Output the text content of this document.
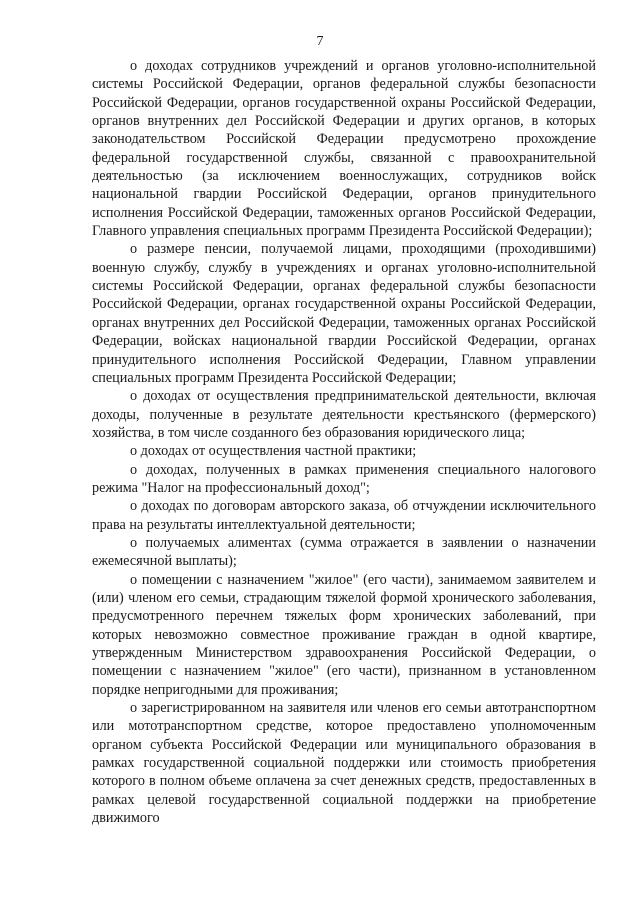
7

о доходах сотрудников учреждений и органов уголовно-исполнительной системы Российской Федерации, органов федеральной службы безопасности Российской Федерации, органов государственной охраны Российской Федерации, органов внутренних дел Российской Федерации и других органов, в которых законодательством Российской Федерации предусмотрено прохождение федеральной государственной службы, связанной с правоохранительной деятельностью (за исключением военнослужащих, сотрудников войск национальной гвардии Российской Федерации, органов принудительного исполнения Российской Федерации, таможенных органов Российской Федерации, Главного управления специальных программ Президента Российской Федерации);

о размере пенсии, получаемой лицами, проходящими (проходившими) военную службу, службу в учреждениях и органах уголовно-исполнительной системы Российской Федерации, органах федеральной службы безопасности Российской Федерации, органах государственной охраны Российской Федерации, органах внутренних дел Российской Федерации, таможенных органах Российской Федерации, войсках национальной гвардии Российской Федерации, органах принудительного исполнения Российской Федерации, Главном управлении специальных программ Президента Российской Федерации;

о доходах от осуществления предпринимательской деятельности, включая доходы, полученные в результате деятельности крестьянского (фермерского) хозяйства, в том числе созданного без образования юридического лица;

о доходах от осуществления частной практики;

о доходах, полученных в рамках применения специального налогового режима "Налог на профессиональный доход";

о доходах по договорам авторского заказа, об отчуждении исключительного права на результаты интеллектуальной деятельности;

о получаемых алиментах (сумма отражается в заявлении о назначении ежемесячной выплаты);

о помещении с назначением "жилое" (его части), занимаемом заявителем и (или) членом его семьи, страдающим тяжелой формой хронического заболевания, предусмотренного перечнем тяжелых форм хронических заболеваний, при которых невозможно совместное проживание граждан в одной квартире, утвержденным Министерством здравоохранения Российской Федерации, о помещении с назначением "жилое" (его части), признанном в установленном порядке непригодными для проживания;

о зарегистрированном на заявителя или членов его семьи автотранспортном или мототранспортном средстве, которое предоставлено уполномоченным органом субъекта Российской Федерации или муниципального образования в рамках государственной социальной поддержки или стоимость приобретения которого в полном объеме оплачена за счет денежных средств, предоставленных в рамках целевой государственной социальной поддержки на приобретение движимого
